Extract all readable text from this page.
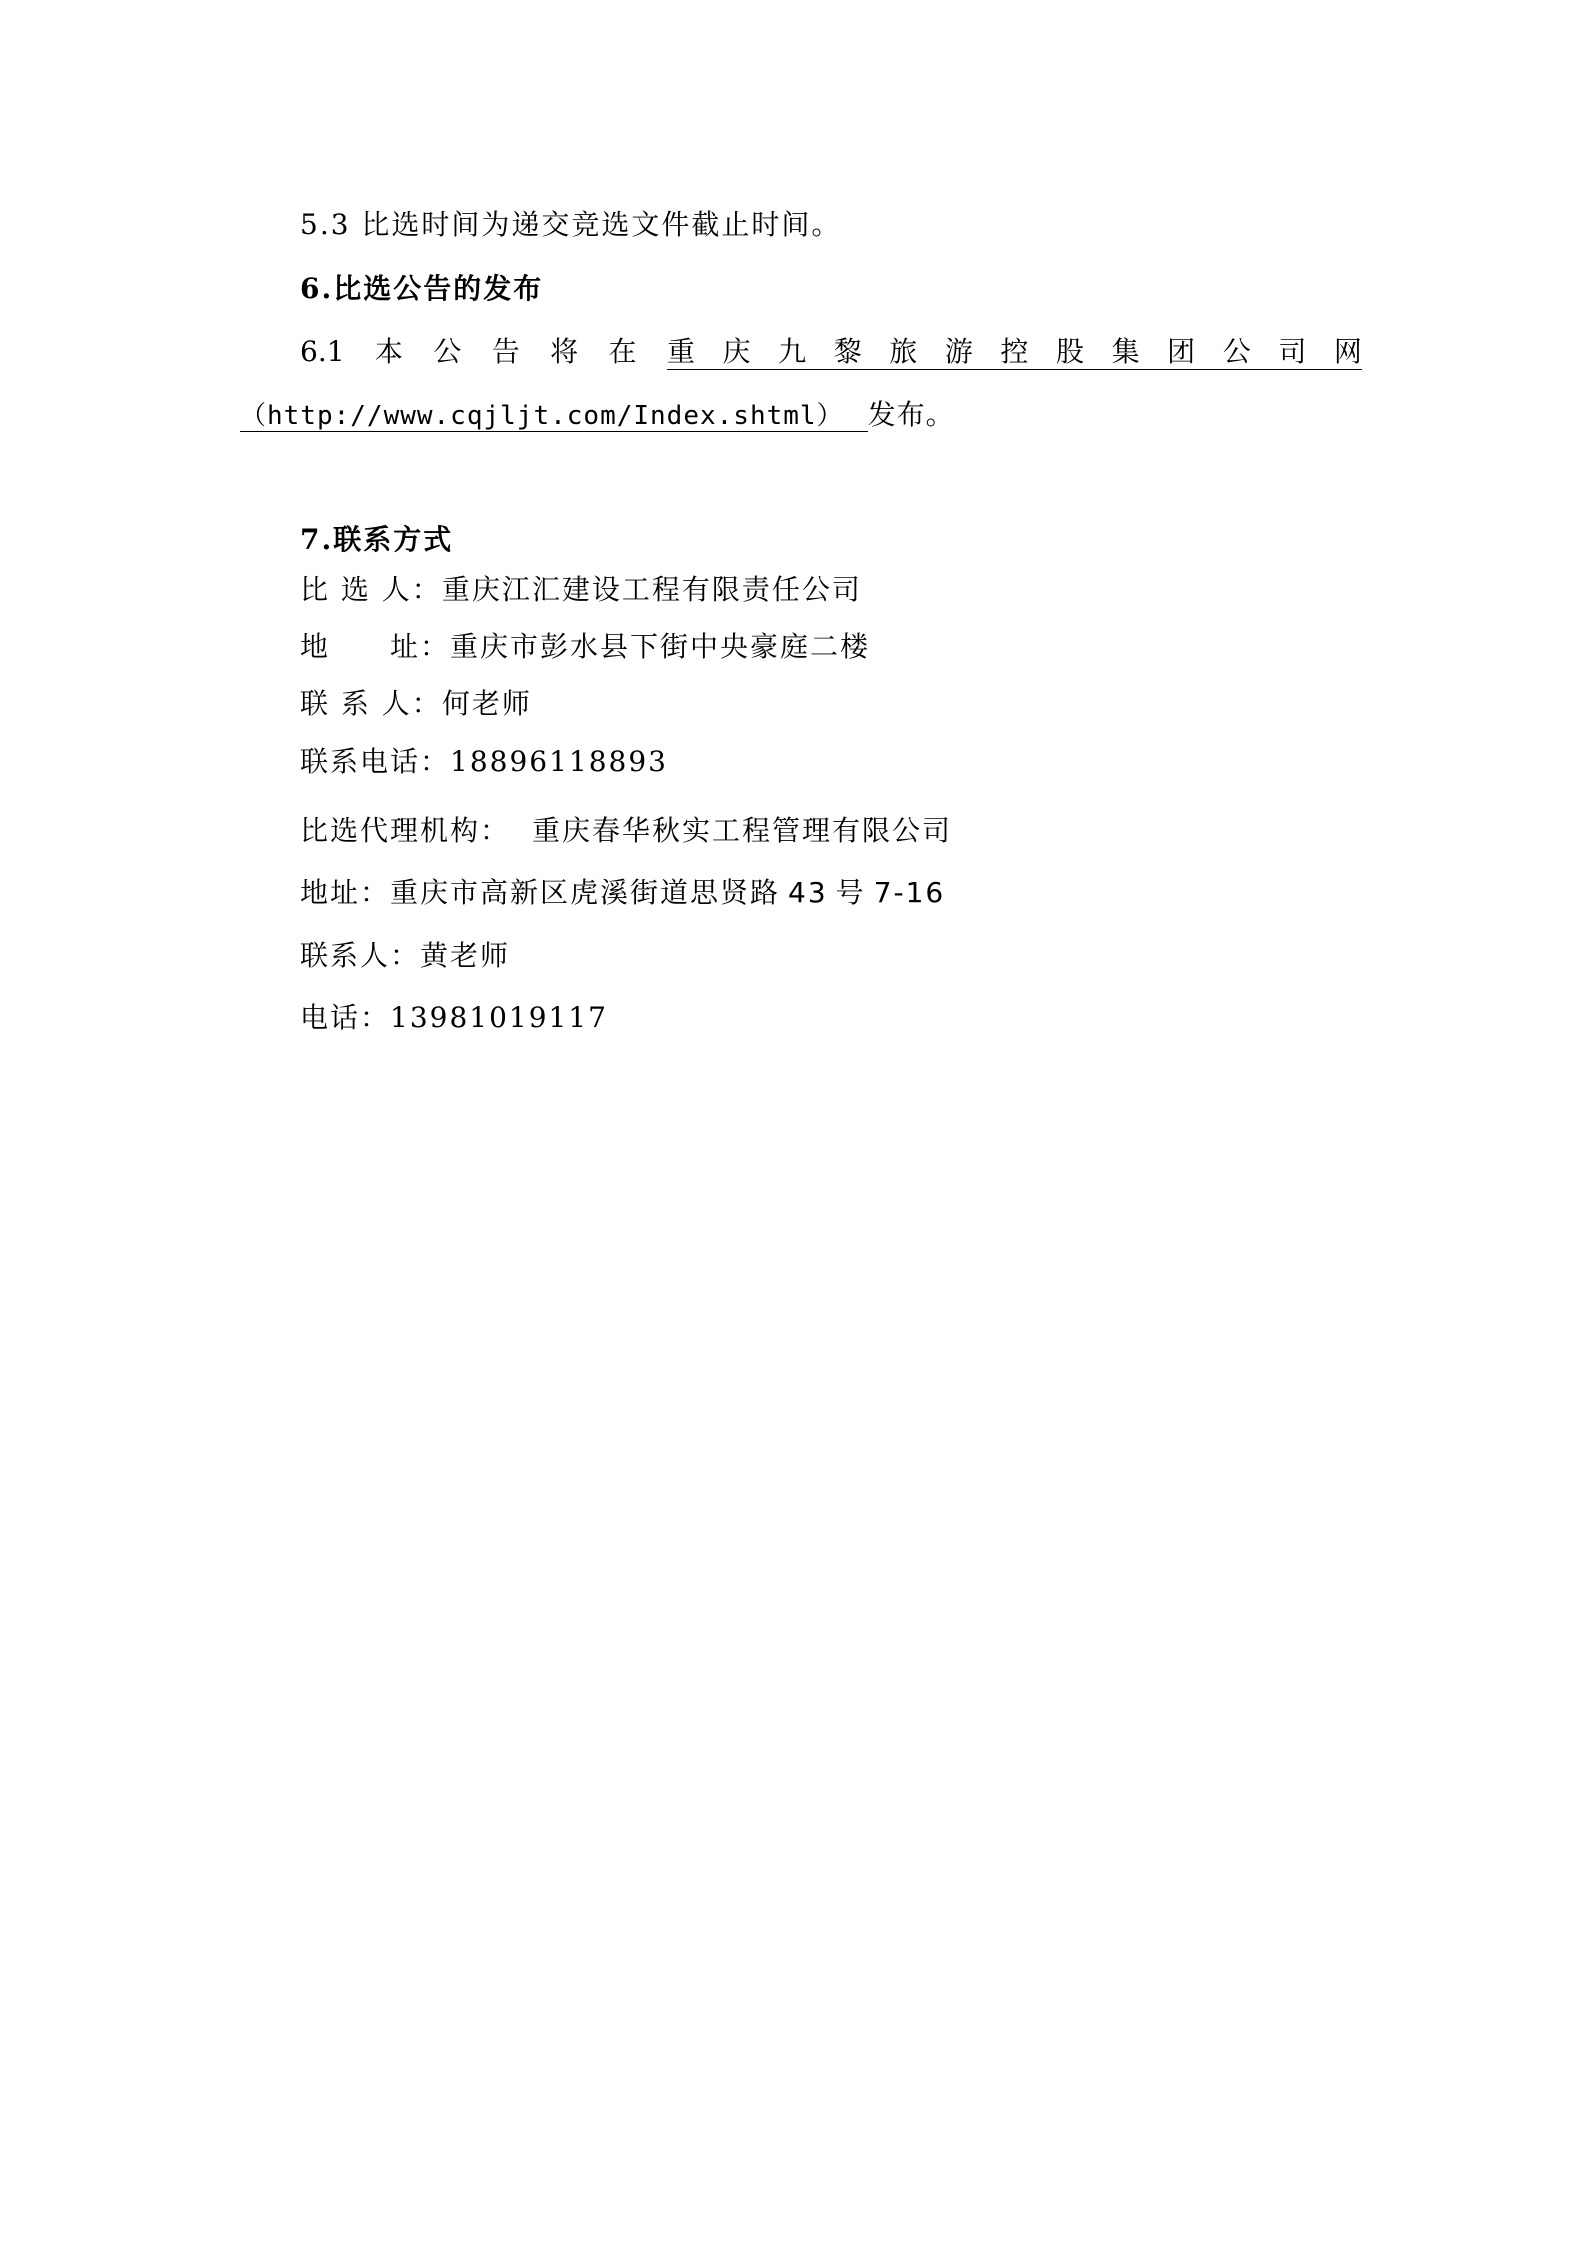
5.3 比选时间为递交竞选文件截止时间。
6.比选公告的发布
6.1 本 公 告 将 在 重 庆 九 黎 旅 游 控 股 集 团 公 司 网
（http://www.cqjljt.com/Index.shtml） 发布。
7.联系方式
比 选 人：重庆江汇建设工程有限责任公司
地　　址：重庆市彭水县下街中央豪庭二楼
联 系 人：何老师
联系电话：18896118893
比选代理机构： 重庆春华秋实工程管理有限公司
地址：重庆市高新区虎溪街道思贤路 43 号 7-16
联系人：黄老师
电话：13981019117
